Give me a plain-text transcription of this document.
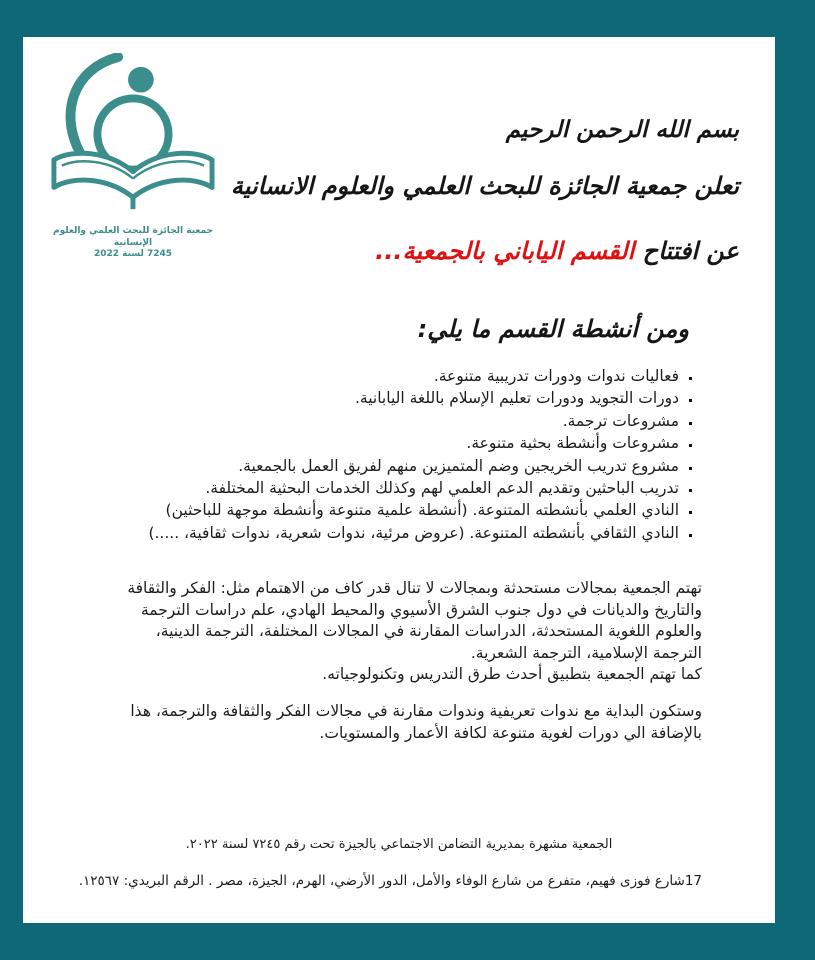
جمعية الجائزة للبحث العلمي والعلوم الإنسانية
7245 لسنة 2022
بسم الله الرحمن الرحيم
تعلن جمعية الجائزة للبحث العلمي والعلوم الانسانية
عن افتتاح القسم الياباني بالجمعية...
ومن أنشطة القسم ما يلي:
▪ فعاليات ندوات ودورات تدريبية متنوعة.
▪ دورات التجويد ودورات تعليم الإسلام باللغة اليابانية.
▪ مشروعات ترجمة.
▪ مشروعات وأنشطة بحثية متنوعة.
▪ مشروع تدريب الخريجين وضم المتميزين منهم لفريق العمل بالجمعية.
▪ تدريب الباحثين وتقديم الدعم العلمي لهم وكذلك الخدمات البحثية المختلفة.
▪ النادي العلمي بأنشطته المتنوعة. (أنشطة علمية متنوعة وأنشطة موجهة للباحثين)
▪ النادي الثقافي بأنشطته المتنوعة. (عروض مرئية، ندوات شعرية، ندوات ثقافية، .....)

تهتم الجمعية بمجالات مستحدثة وبمجالات لا تنال قدر كاف من الاهتمام مثل: الفكر والثقافة والتاريخ والديانات في دول جنوب الشرق الأسيوي والمحيط الهادي، علم دراسات الترجمة والعلوم اللغوية المستحدثة، الدراسات المقارنة في المجالات المختلفة، الترجمة الدينية، الترجمة الإسلامية، الترجمة الشعرية.

كما تهتم الجمعية بتطبيق أحدث طرق التدريس وتكنولوجياته.

وستكون البداية مع ندوات تعريفية وندوات مقارنة في مجالات الفكر والثقافة والترجمة، هذا بالإضافة الي دورات لغوية متنوعة لكافة الأعمار والمستويات.

الجمعية مشهرة بمديرية التضامن الاجتماعي بالجيزة تحت رقم ٧٢٤٥ لسنة ٢٠٢٢.
17شارع فوزى فهيم، متفرع من شارع الوفاء والأمل، الدور الأرضي، الهرم، الجيزة، مصر . الرقم البريدي: ١٢٥٦٧.
